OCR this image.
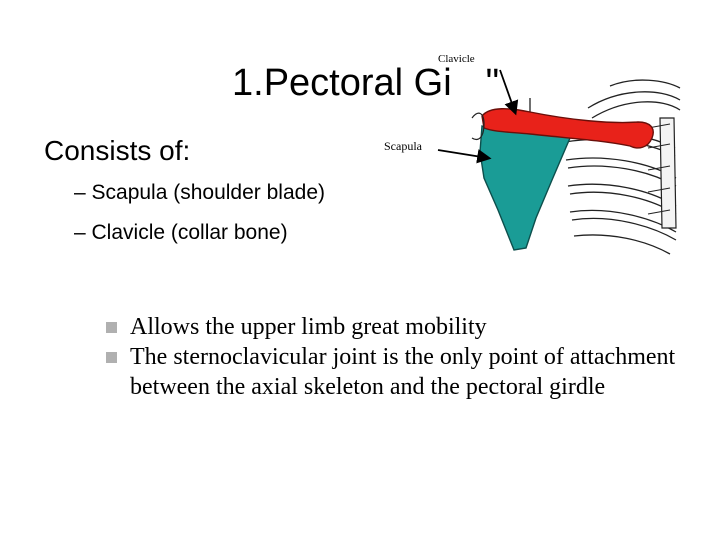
1.Pectoral Gi
Clavicle
Scapula
Consists of:
– Scapula (shoulder blade)
– Clavicle (collar bone)
Allows the upper limb great mobility
The sternoclavicular joint is the only point of attachment between the axial skeleton and the pectoral girdle
